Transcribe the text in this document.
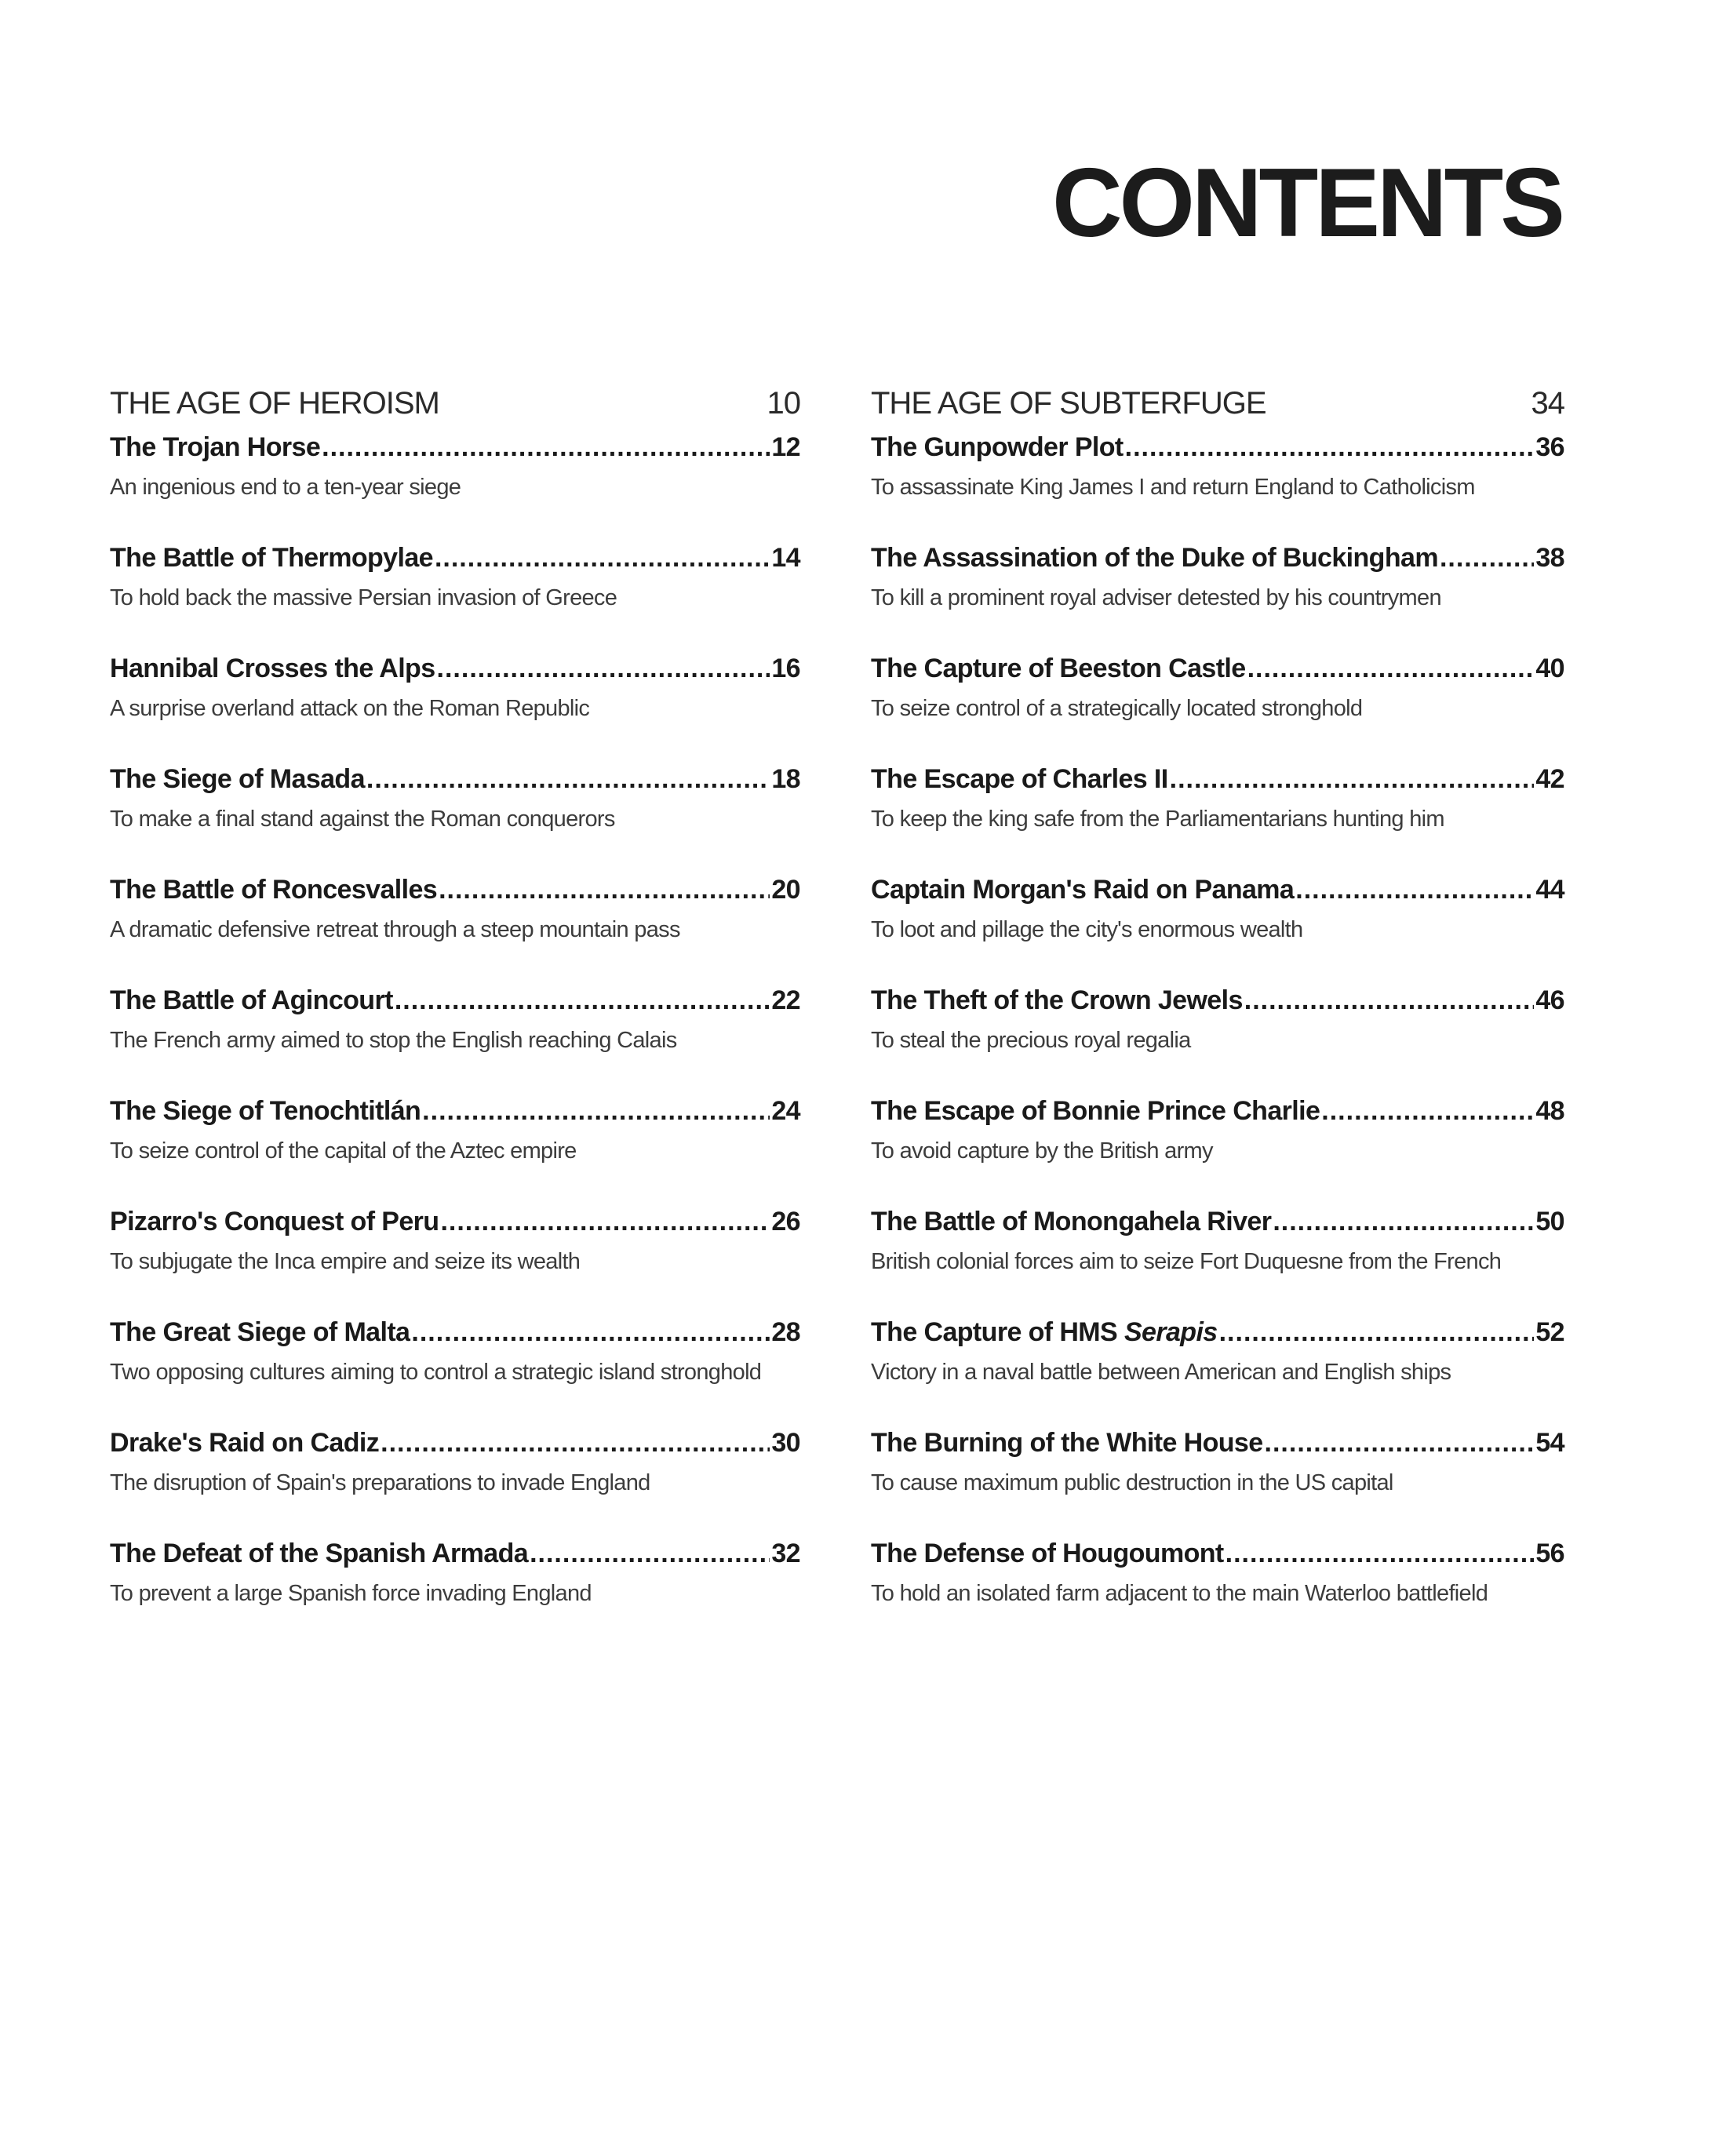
CONTENTS
THE AGE OF HEROISM	10
The Trojan Horse .....	12
An ingenious end to a ten-year siege
The Battle of Thermopylae .....	14
To hold back the massive Persian invasion of Greece
Hannibal Crosses the Alps .....	16
A surprise overland attack on the Roman Republic
The Siege of Masada .....	18
To make a final stand against the Roman conquerors
The Battle of Roncesvalles .....	20
A dramatic defensive retreat through a steep mountain pass
The Battle of Agincourt .....	22
The French army aimed to stop the English reaching Calais
The Siege of Tenochtitlán .....	24
To seize control of the capital of the Aztec empire
Pizarro's Conquest of Peru .....	26
To subjugate the Inca empire and seize its wealth
The Great Siege of Malta .....	28
Two opposing cultures aiming to control a strategic island stronghold
Drake's Raid on Cadiz .....	30
The disruption of Spain's preparations to invade England
The Defeat of the Spanish Armada .....	32
To prevent a large Spanish force invading England
THE AGE OF SUBTERFUGE	34
The Gunpowder Plot .....	36
To assassinate King James I and return England to Catholicism
The Assassination of the Duke of Buckingham .....	38
To kill a prominent royal adviser detested by his countrymen
The Capture of Beeston Castle .....	40
To seize control of a strategically located stronghold
The Escape of Charles II .....	42
To keep the king safe from the Parliamentarians hunting him
Captain Morgan's Raid on Panama .....	44
To loot and pillage the city's enormous wealth
The Theft of the Crown Jewels .....	46
To steal the precious royal regalia
The Escape of Bonnie Prince Charlie .....	48
To avoid capture by the British army
The Battle of Monongahela River .....	50
British colonial forces aim to seize Fort Duquesne from the French
The Capture of HMS Serapis .....	52
Victory in a naval battle between American and English ships
The Burning of the White House .....	54
To cause maximum public destruction in the US capital
The Defense of Hougoumont .....	56
To hold an isolated farm adjacent to the main Waterloo battlefield
